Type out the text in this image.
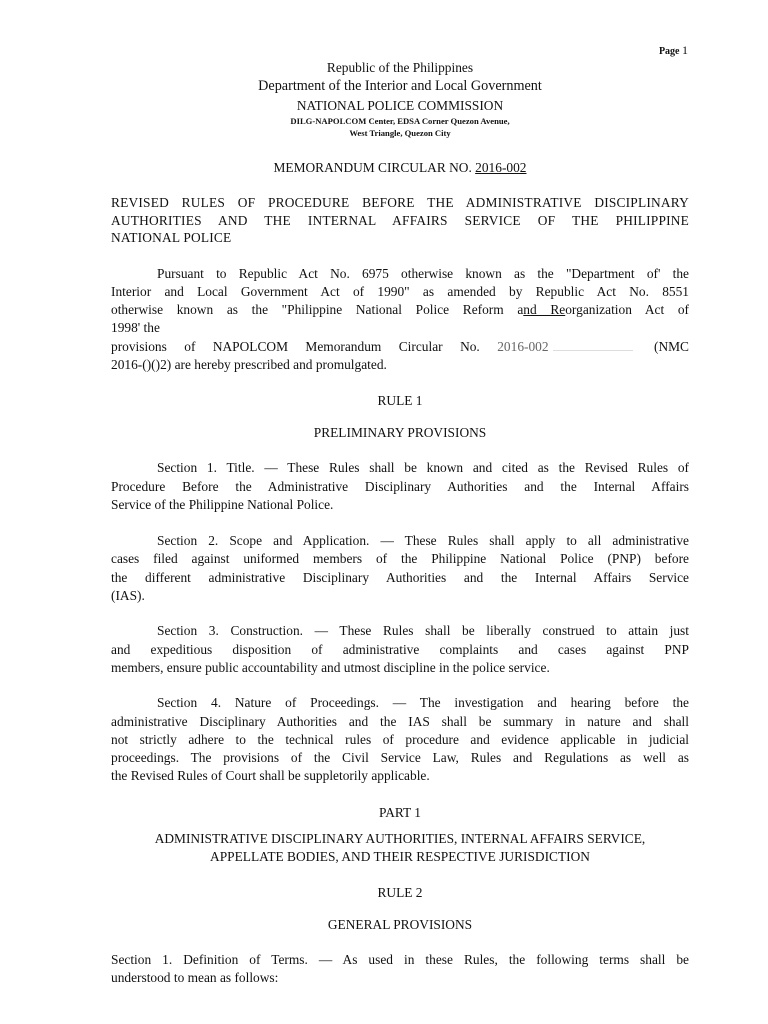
Page 1
Republic of the Philippines
Department of the Interior and Local Government
NATIONAL POLICE COMMISSION
DILG-NAPOLCOM Center, EDSA Corner Quezon Avenue,
West Triangle, Quezon City
MEMORANDUM CIRCULAR NO. 2016-002
REVISED RULES OF PROCEDURE BEFORE THE ADMINISTRATIVE DISCIPLINARY
AUTHORITIES AND THE INTERNAL AFFAIRS SERVICE OF THE PHILIPPINE
NATIONAL POLICE
Pursuant to Republic Act No. 6975 otherwise known as the "Department of' the
Interior and Local Government Act of 1990" as amended by Republic Act No. 8551
otherwise known as the "Philippine National Police Reform and Reorganization Act of
1998' the
provisions of NAPOLCOM Memorandum Circular No. 2016-002	(NMC
2016-()()2) are hereby prescribed and promulgated.
RULE 1
PRELIMINARY PROVISIONS
Section 1. Title. — These Rules shall be known and cited as the Revised Rules of
Procedure Before the Administrative Disciplinary Authorities and the Internal Affairs
Service of the Philippine National Police.
Section 2. Scope and Application. — These Rules shall apply to all administrative
cases filed against uniformed members of the Philippine National Police (PNP) before
the different administrative Disciplinary Authorities and the Internal Affairs Service
(IAS).
Section 3. Construction. — These Rules shall be liberally construed to attain just
and expeditious disposition of administrative complaints and cases against PNP
members, ensure public accountability and utmost discipline in the police service.
Section 4. Nature of Proceedings. — The investigation and hearing before the
administrative Disciplinary Authorities and the IAS shall be summary in nature and shall
not strictly adhere to the technical rules of procedure and evidence applicable in judicial
proceedings. The provisions of the Civil Service Law, Rules and Regulations as well as
the Revised Rules of Court shall be suppletorily applicable.
PART 1
ADMINISTRATIVE DISCIPLINARY AUTHORITIES, INTERNAL AFFAIRS SERVICE,
APPELLATE BODIES, AND THEIR RESPECTIVE JURISDICTION
RULE 2
GENERAL PROVISIONS
Section 1. Definition of Terms. — As used in these Rules, the following terms shall be
understood to mean as follows:
